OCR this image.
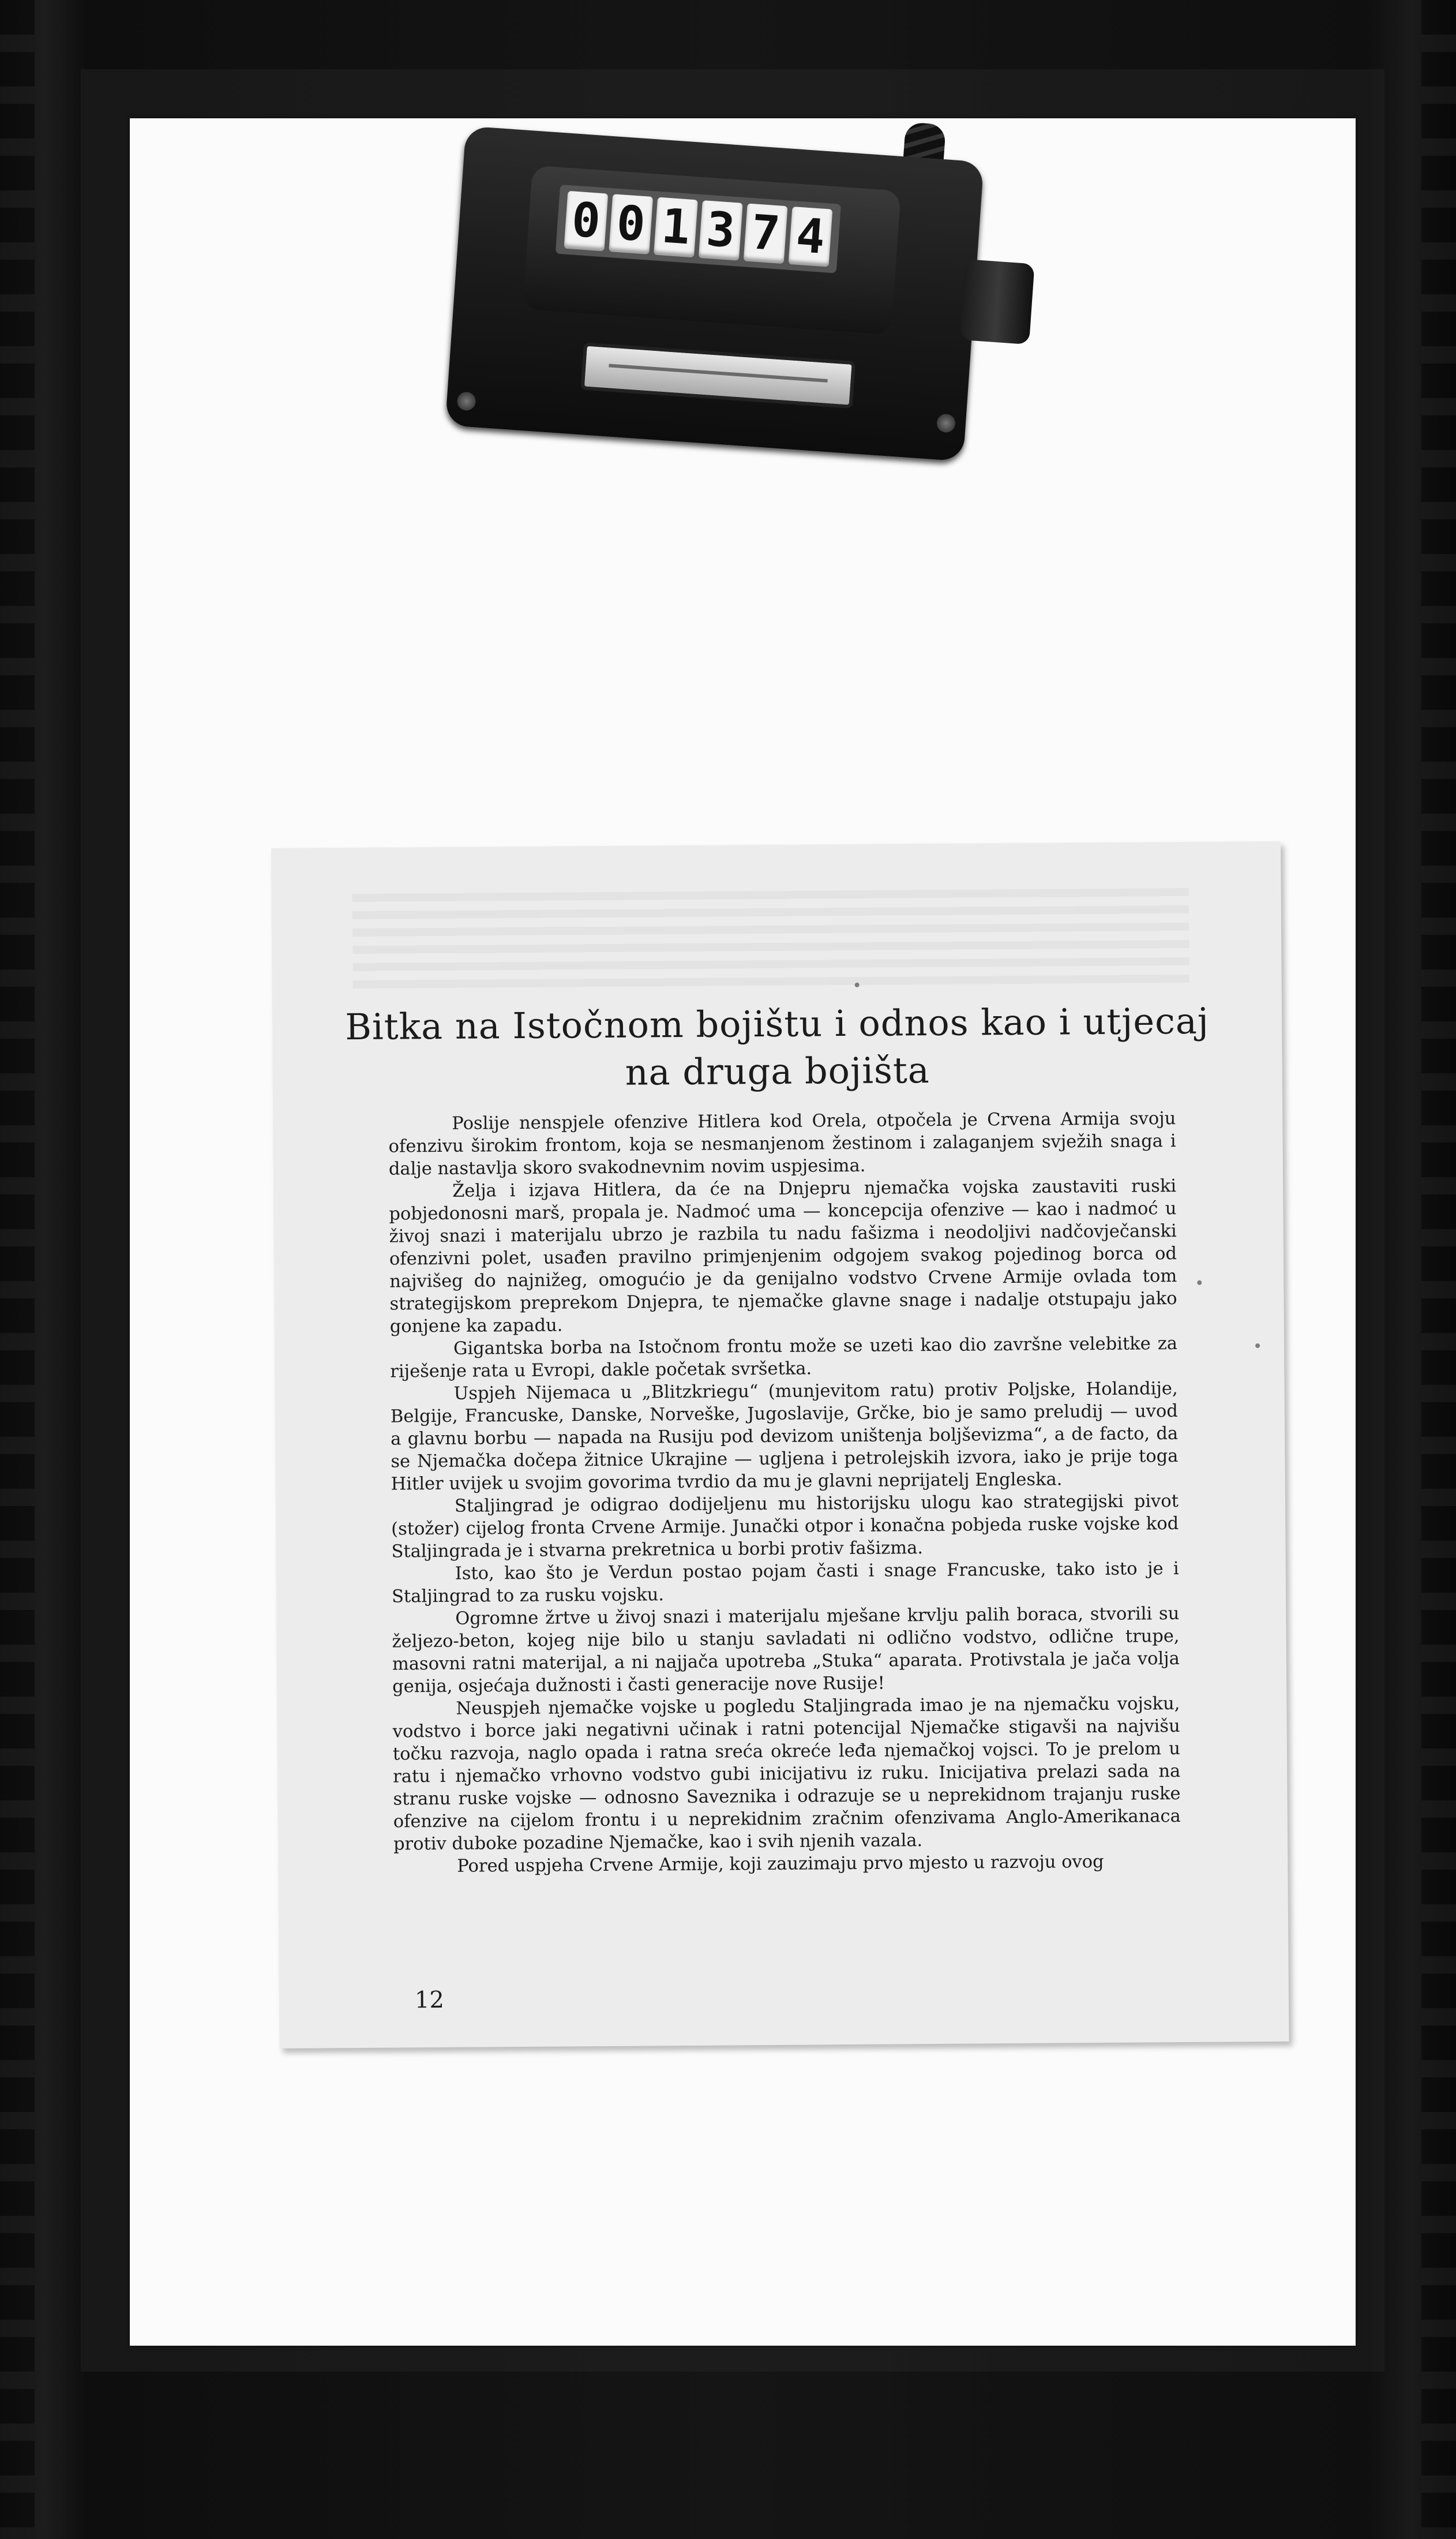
0 0 1 3 7 4
Bitka na Istočnom bojištu i odnos kao i utjecaj
na druga bojišta

Poslije nenspjele ofenzive Hitlera kod Orela, otpočela je Crvena Armija svoju ofenzivu širokim frontom, koja se nesmanjenom žestinom i zalaganjem svježih snaga i dalje nastavlja skoro svakodnevnim novim uspjesima.

Želja i izjava Hitlera, da će na Dnjepru njemačka vojska zaustaviti ruski pobjedonosni marš, propala je. Nadmoć uma — koncepcija ofenzive — kao i nadmoć u živoj snazi i materijalu ubrzo je razbila tu nadu fašizma i neodoljivi nadčovječanski ofenzivni polet, usađen pravilno primjenjenim odgojem svakog pojedinog borca od najvišeg do najnižeg, omogućio je da genijalno vodstvo Crvene Armije ovlada tom strategijskom preprekom Dnjepra, te njemačke glavne snage i nadalje otstupaju jako gonjene ka zapadu.

Gigantska borba na Istočnom frontu može se uzeti kao dio završne velebitke za riješenje rata u Evropi, dakle početak svršetka.

Uspjeh Nijemaca u „Blitzkriegu“ (munjevitom ratu) protiv Poljske, Holandije, Belgije, Francuske, Danske, Norveške, Jugoslavije, Grčke, bio je samo preludij — uvod a glavnu borbu — napada na Rusiju pod devizom uništenja boljševizma“, a de facto, da se Njemačka dočepa žitnice Ukrajine — ugljena i petrolejskih izvora, iako je prije toga Hitler uvijek u svojim govorima tvrdio da mu je glavni neprijatelj Engleska.

Staljingrad je odigrao dodijeljenu mu historijsku ulogu kao strategijski pivot (stožer) cijelog fronta Crvene Armije. Junački otpor i konačna pobjeda ruske vojske kod Staljingrada je i stvarna prekretnica u borbi protiv fašizma.

Isto, kao što je Verdun postao pojam časti i snage Francuske, tako isto je i Staljingrad to za rusku vojsku.

Ogromne žrtve u živoj snazi i materijalu mješane krvlju palih boraca, stvorili su željezo-beton, kojeg nije bilo u stanju savladati ni odlično vodstvo, odlične trupe, masovni ratni materijal, a ni najjača upotreba „Stuka“ aparata. Protivstala je jača volja genija, osjećaja dužnosti i časti generacije nove Rusije!

Neuspjeh njemačke vojske u pogledu Staljingrada imao je na njemačku vojsku, vodstvo i borce jaki negativni učinak i ratni potencijal Njemačke stigavši na najvišu točku razvoja, naglo opada i ratna sreća okreće leđa njemačkoj vojsci. To je prelom u ratu i njemačko vrhovno vodstvo gubi inicijativu iz ruku. Inicijativa prelazi sada na stranu ruske vojske — odnosno Saveznika i odrazuje se u neprekidnom trajanju ruske ofenzive na cijelom frontu i u neprekidnim zračnim ofenzivama Anglo-Amerikanaca protiv duboke pozadine Njemačke, kao i svih njenih vazala.

Pored uspjeha Crvene Armije, koji zauzimaju prvo mjesto u razvoju ovog

12
